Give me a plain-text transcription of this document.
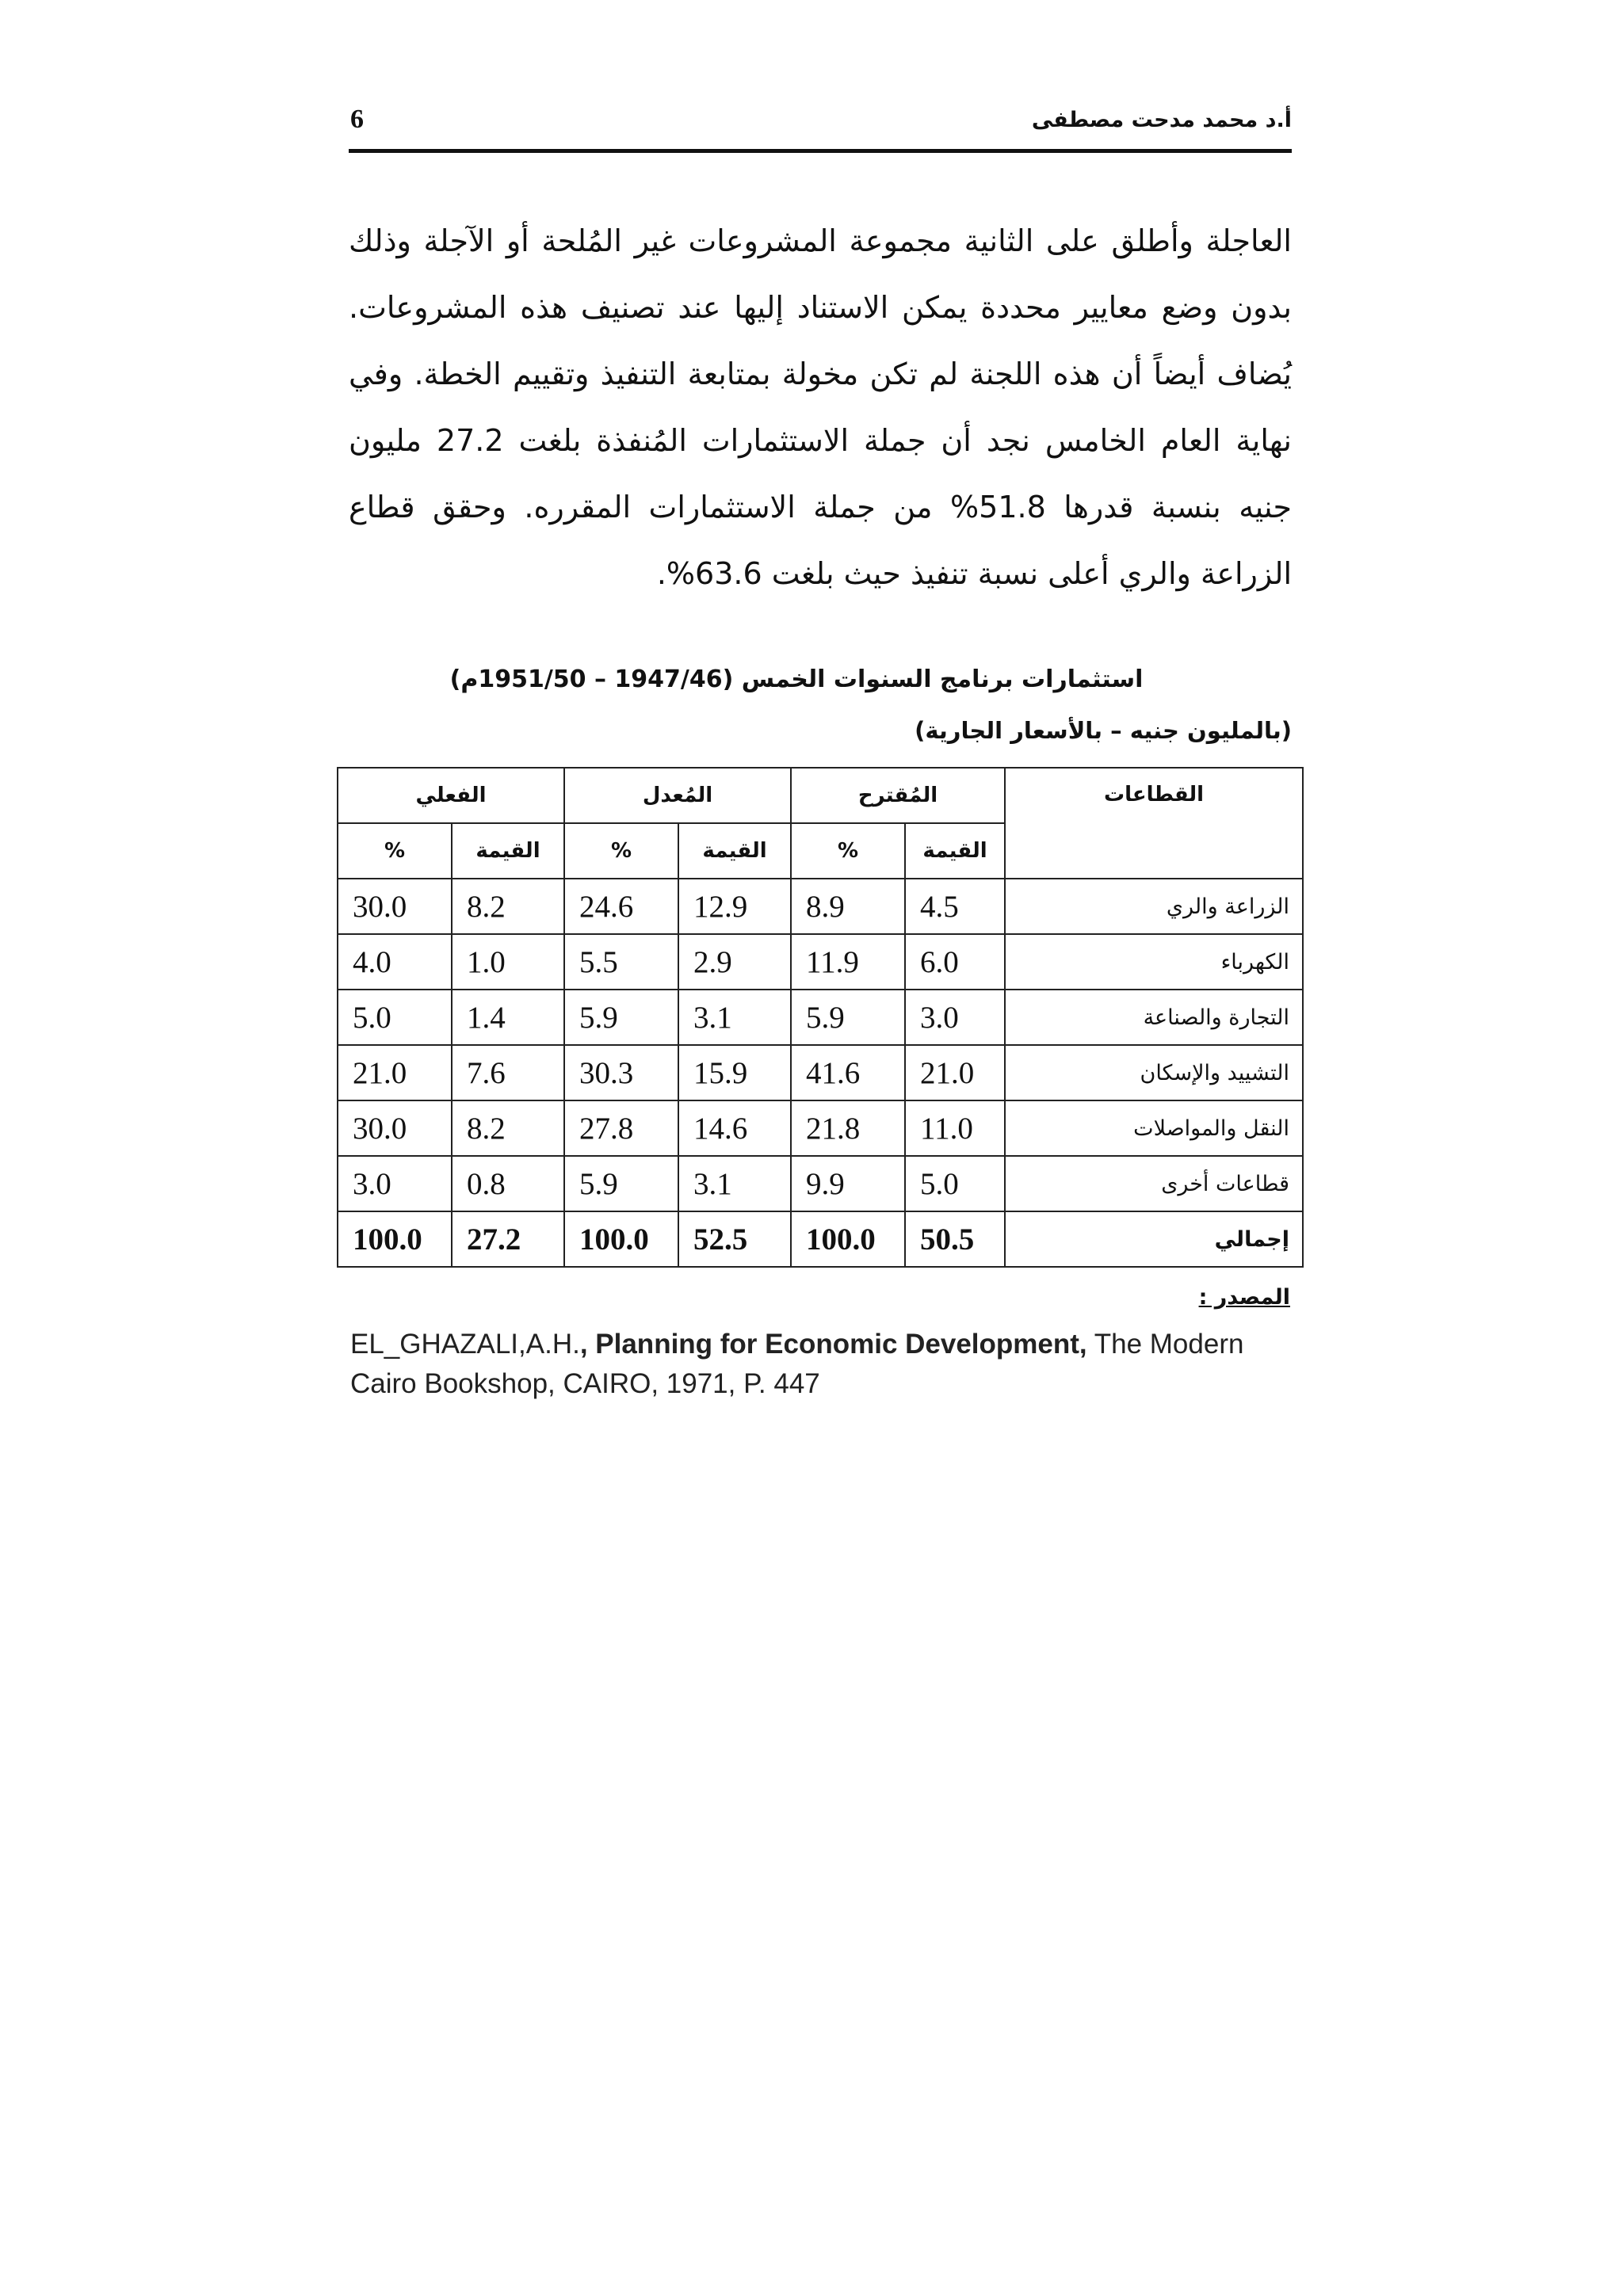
أ.د محمد مدحت مصطفى
6

العاجلة وأطلق على الثانية مجموعة المشروعات غير المُلحة أو الآجلة وذلك بدون وضع معايير محددة يمكن الاستناد إليها عند تصنيف هذه المشروعات. يُضاف أيضاً أن هذه اللجنة لم تكن مخولة بمتابعة التنفيذ وتقييم الخطة. وفي نهاية العام الخامس نجد أن جملة الاستثمارات المُنفذة بلغت 27.2 مليون جنيه بنسبة قدرها 51.8% من جملة الاستثمارات المقرره. وحقق قطاع الزراعة والري أعلى نسبة تنفيذ حيث بلغت 63.6%.

استثمارات برنامج السنوات الخمس (1947/46 – 1951/50م)
(بالمليون جنيه – بالأسعار الجارية)
القطاعات	المُقترح		المُعدل		الفعلي	
	القيمة	%	القيمة	%	القيمة	%
الزراعة والري	4.5	8.9	12.9	24.6	8.2	30.0
الكهرباء	6.0	11.9	2.9	5.5	1.0	4.0
التجارة والصناعة	3.0	5.9	3.1	5.9	1.4	5.0
التشييد والإسكان	21.0	41.6	15.9	30.3	7.6	21.0
النقل والمواصلات	11.0	21.8	14.6	27.8	8.2	30.0
قطاعات أخرى	5.0	9.9	3.1	5.9	0.8	3.0
إجمالي	50.5	100.0	52.5	100.0	27.2	100.0
المصدر :
EL_GHAZALI,A.H., Planning for Economic Development, The Modern Cairo Bookshop, CAIRO, 1971, P. 447
